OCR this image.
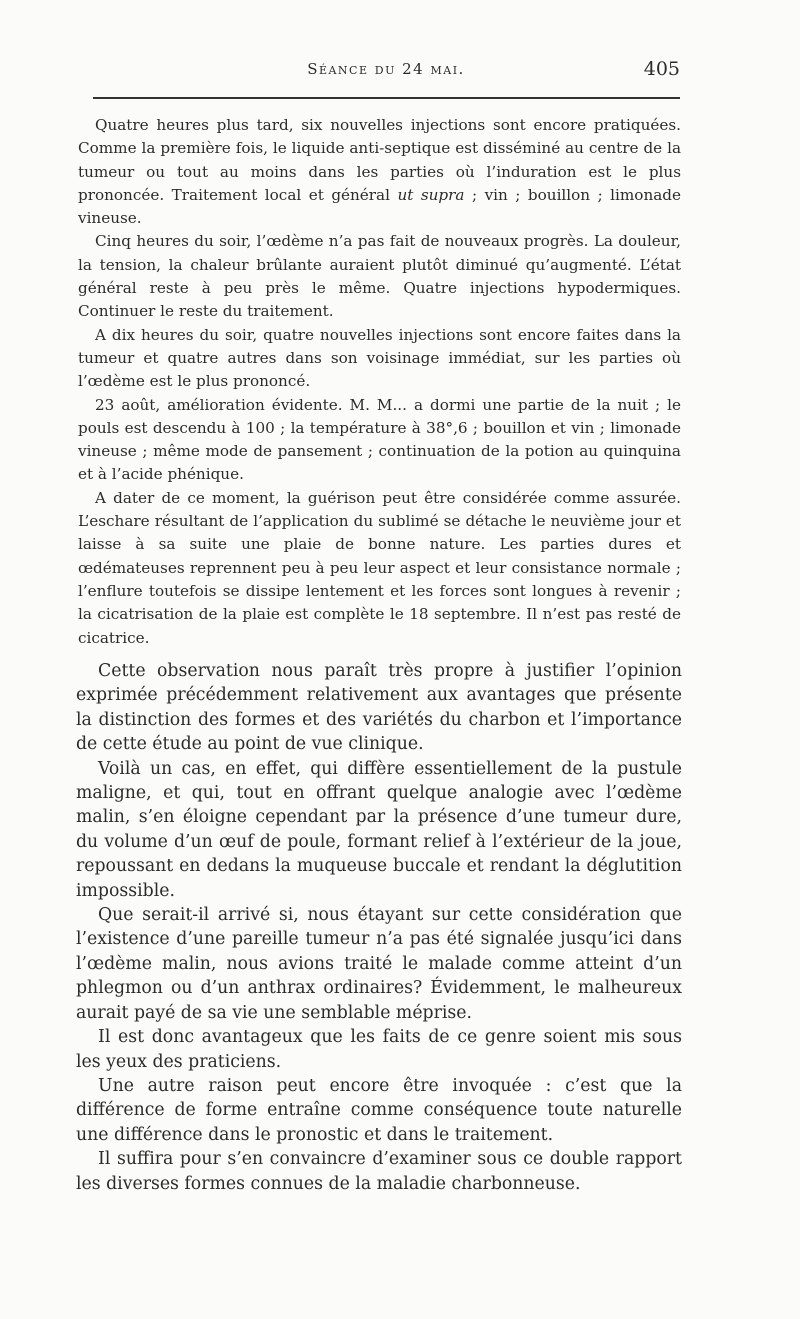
Séance du 24 mai.	405

Quatre heures plus tard, six nouvelles injections sont encore pratiquées. Comme la première fois, le liquide anti-septique est disséminé au centre de la tumeur ou tout au moins dans les parties où l’induration est le plus prononcée. Traitement local et général ut supra ; vin ; bouillon ; limonade vineuse.

Cinq heures du soir, l’œdème n’a pas fait de nouveaux progrès. La douleur, la tension, la chaleur brûlante auraient plutôt diminué qu’augmenté. L’état général reste à peu près le même. Quatre injections hypodermiques. Continuer le reste du traitement.

A dix heures du soir, quatre nouvelles injections sont encore faites dans la tumeur et quatre autres dans son voisinage immédiat, sur les parties où l’œdème est le plus prononcé.

23 août, amélioration évidente. M. M... a dormi une partie de la nuit ; le pouls est descendu à 100 ; la température à 38°,6 ; bouillon et vin ; limonade vineuse ; même mode de pansement ; continuation de la potion au quinquina et à l’acide phénique.

A dater de ce moment, la guérison peut être considérée comme assurée. L’eschare résultant de l’application du sublimé se détache le neuvième jour et laisse à sa suite une plaie de bonne nature. Les parties dures et œdémateuses reprennent peu à peu leur aspect et leur consistance normale ; l’enflure toutefois se dissipe lentement et les forces sont longues à revenir ; la cicatrisation de la plaie est complète le 18 septembre. Il n’est pas resté de cicatrice.

Cette observation nous paraît très propre à justifier l’opinion exprimée précédemment relativement aux avantages que présente la distinction des formes et des variétés du charbon et l’importance de cette étude au point de vue clinique.

Voilà un cas, en effet, qui diffère essentiellement de la pustule maligne, et qui, tout en offrant quelque analogie avec l’œdème malin, s’en éloigne cependant par la présence d’une tumeur dure, du volume d’un œuf de poule, formant relief à l’extérieur de la joue, repoussant en dedans la muqueuse buccale et rendant la déglutition impossible.

Que serait-il arrivé si, nous étayant sur cette considération que l’existence d’une pareille tumeur n’a pas été signalée jusqu’ici dans l’œdème malin, nous avions traité le malade comme atteint d’un phlegmon ou d’un anthrax ordinaires? Évidemment, le malheureux aurait payé de sa vie une semblable méprise.

Il est donc avantageux que les faits de ce genre soient mis sous les yeux des praticiens.

Une autre raison peut encore être invoquée : c’est que la différence de forme entraîne comme conséquence toute naturelle une différence dans le pronostic et dans le traitement.

Il suffira pour s’en convaincre d’examiner sous ce double rapport les diverses formes connues de la maladie charbonneuse.
